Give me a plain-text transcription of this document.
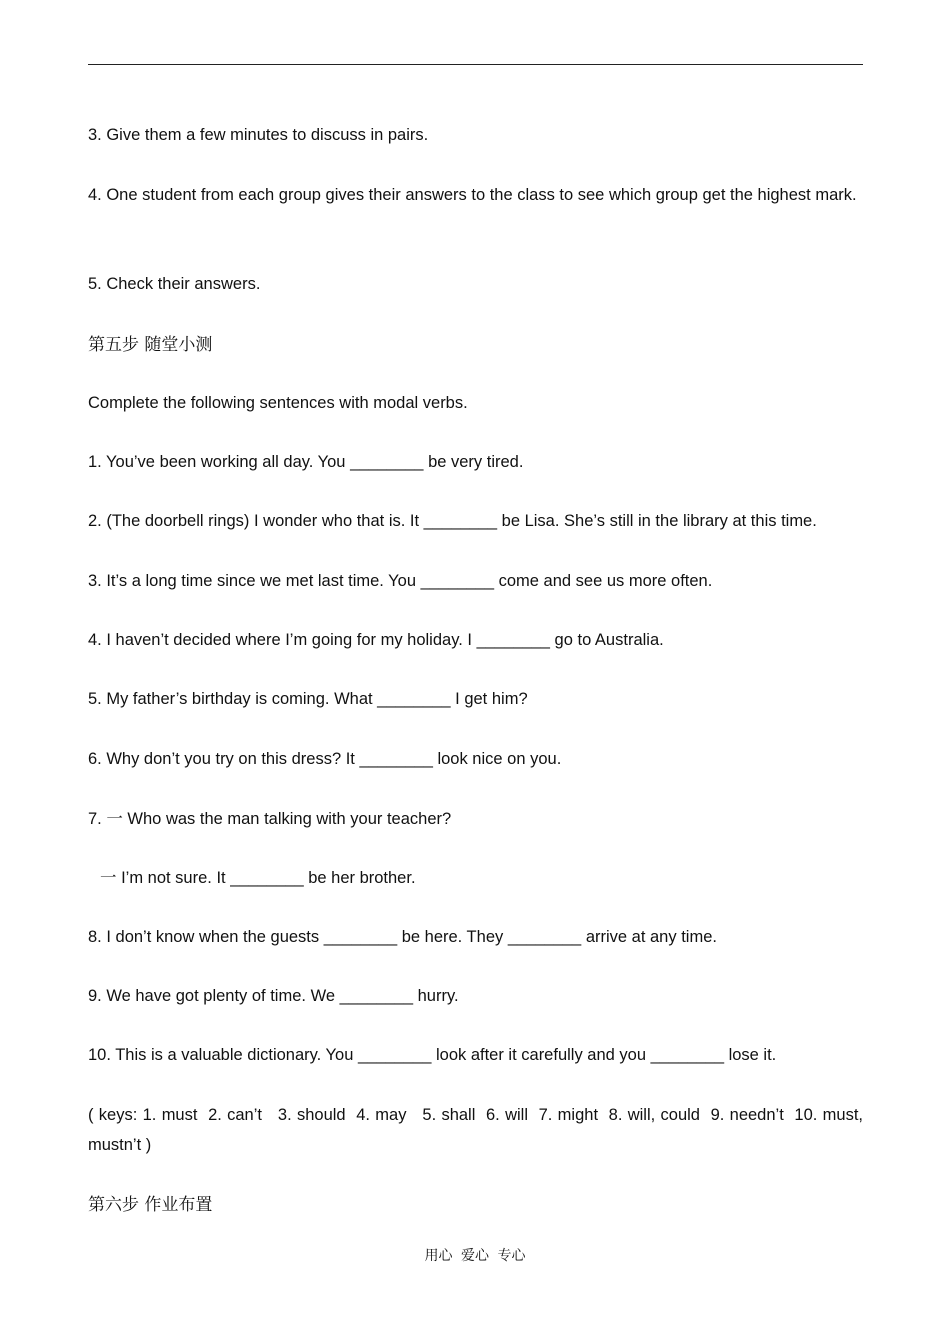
3. Give them a few minutes to discuss in pairs.
4. One student from each group gives their answers to the class to see which group get the highest mark.
5. Check their answers.
第五步 随堂小测
Complete the following sentences with modal verbs.
1. You’ve been working all day. You ________ be very tired.
2. (The doorbell rings) I wonder who that is. It ________ be Lisa. She’s still in the library at this time.
3. It’s a long time since we met last time. You ________ come and see us more often.
4. I haven’t decided where I’m going for my holiday. I ________ go to Australia.
5. My father’s birthday is coming. What ________ I get him?
6. Why don’t you try on this dress? It ________ look nice on you.
7. 一 Who was the man talking with your teacher?
一 I’m not sure. It ________ be her brother.
8. I don’t know when the guests ________ be here. They ________ arrive at any time.
9. We have got plenty of time. We ________ hurry.
10. This is a valuable dictionary. You ________ look after it carefully and you ________ lose it.
( keys: 1. must  2. can’t   3. should  4. may   5. shall  6. will  7. might  8. will, could  9. needn’t  10. must, mustn’t )
第六步 作业布置
用心 爱心 专心
